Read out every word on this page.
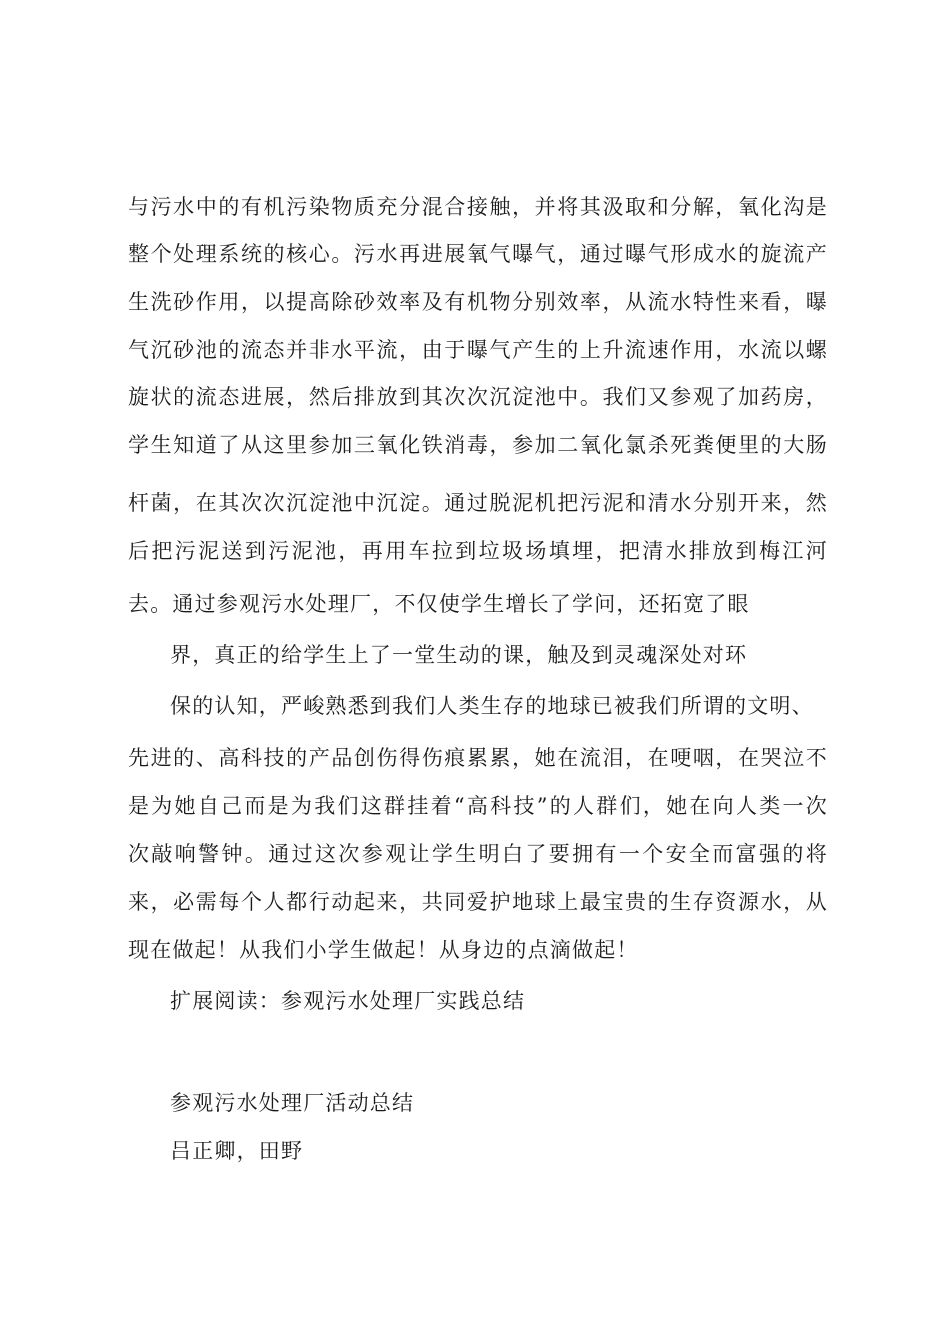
与污水中的有机污染物质充分混合接触，并将其汲取和分解，氧化沟是
整个处理系统的核心。污水再进展氧气曝气，通过曝气形成水的旋流产
生洗砂作用，以提高除砂效率及有机物分别效率，从流水特性来看，曝
气沉砂池的流态并非水平流，由于曝气产生的上升流速作用，水流以螺
旋状的流态进展，然后排放到其次次沉淀池中。我们又参观了加药房，
学生知道了从这里参加三氧化铁消毒，参加二氧化氯杀死粪便里的大肠
杆菌，在其次次沉淀池中沉淀。通过脱泥机把污泥和清水分别开来，然
后把污泥送到污泥池，再用车拉到垃圾场填埋，把清水排放到梅江河
去。通过参观污水处理厂，不仅使学生增长了学问，还拓宽了眼
界，真正的给学生上了一堂生动的课，触及到灵魂深处对环
保的认知，严峻熟悉到我们人类生存的地球已被我们所谓的文明、
先进的、高科技的产品创伤得伤痕累累，她在流泪，在哽咽，在哭泣不
是为她自己而是为我们这群挂着“高科技”的人群们，她在向人类一次
次敲响警钟。通过这次参观让学生明白了要拥有一个安全而富强的将
来，必需每个人都行动起来，共同爱护地球上最宝贵的生存资源水，从
现在做起！从我们小学生做起！从身边的点滴做起！
扩展阅读：参观污水处理厂实践总结
参观污水处理厂活动总结
吕正卿，田野
